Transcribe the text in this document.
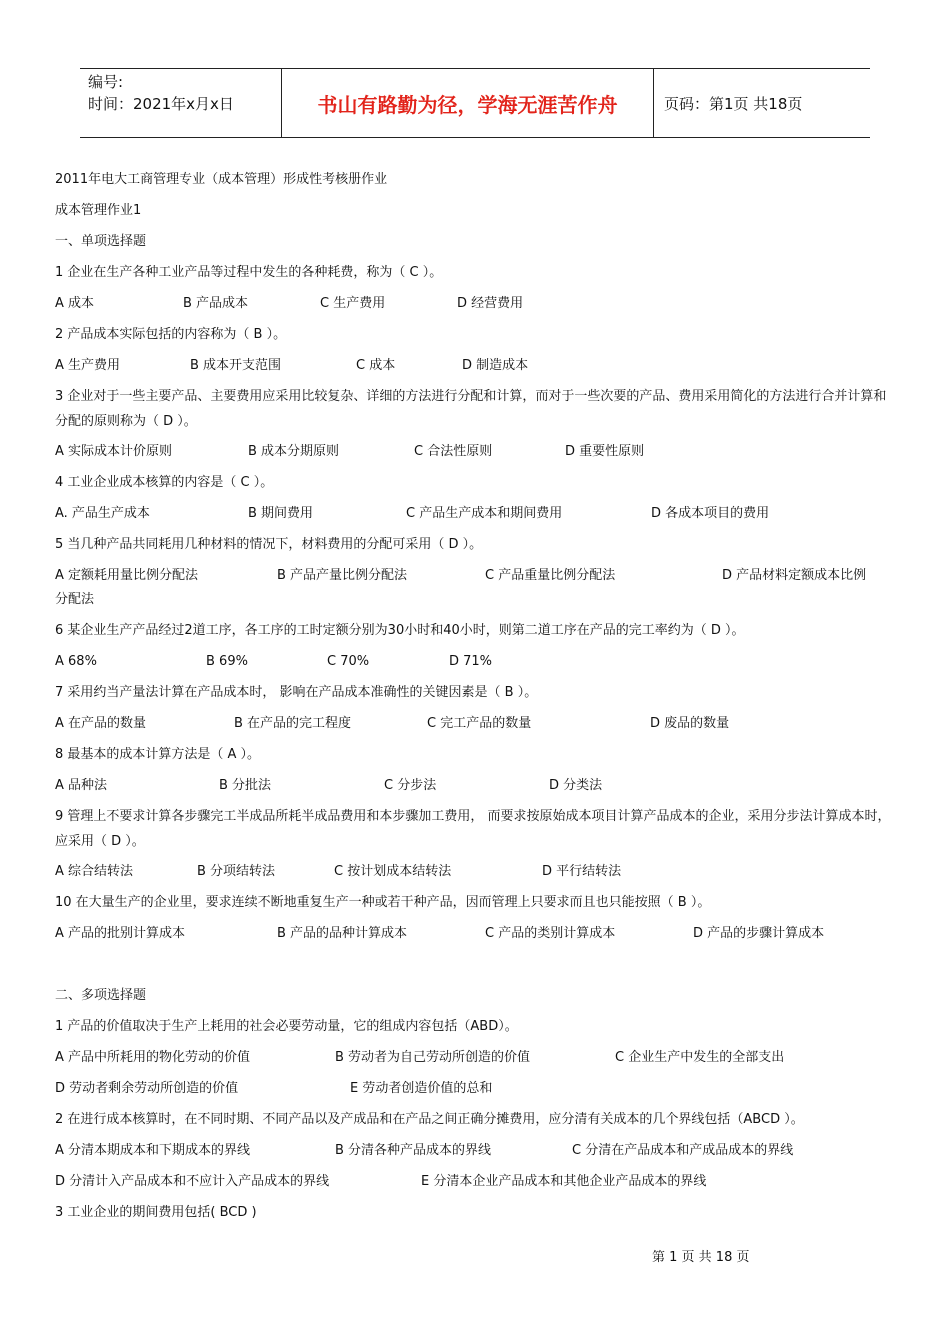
编号:
时间：2021年x月x日	书山有路勤为径，学海无涯苦作舟	页码：第1页 共18页
2011年电大工商管理专业（成本管理）形成性考核册作业
成本管理作业1
一、单项选择题
1 企业在生产各种工业产品等过程中发生的各种耗费，称为（ C ）。
A 成本	B 产品成本	C 生产费用	D 经营费用
2 产品成本实际包括的内容称为（ B ）。
A 生产费用	B 成本开支范围	C 成本	D 制造成本
3 企业对于一些主要产品、主要费用应采用比较复杂、详细的方法进行分配和计算，而对于一些次要的产品、费用采用简化的方法进行合并计算和分配的原则称为（ D ）。
A 实际成本计价原则	B 成本分期原则	C 合法性原则	D 重要性原则
4 工业企业成本核算的内容是（ C ）。
A. 产品生产成本	B 期间费用	C 产品生产成本和期间费用	D 各成本项目的费用
5 当几种产品共同耗用几种材料的情况下，材料费用的分配可采用（ D ）。
A 定额耗用量比例分配法	B 产品产量比例分配法	C 产品重量比例分配法	D 产品材料定额成本比例
分配法
6 某企业生产产品经过2道工序，各工序的工时定额分别为30小时和40小时，则第二道工序在产品的完工率约为（ D ）。
A 68%	B 69%	C 70%	D 71%
7 采用约当产量法计算在产品成本时， 影响在产品成本准确性的关键因素是（ B ）。
A 在产品的数量	B 在产品的完工程度	C 完工产品的数量	D 废品的数量
8 最基本的成本计算方法是（ A ）。
A 品种法	B 分批法	C 分步法	D 分类法
9 管理上不要求计算各步骤完工半成品所耗半成品费用和本步骤加工费用， 而要求按原始成本项目计算产品成本的企业，采用分步法计算成本时，应采用（ D ）。
A 综合结转法	B 分项结转法	C 按计划成本结转法	D 平行结转法
10 在大量生产的企业里，要求连续不断地重复生产一种或若干种产品，因而管理上只要求而且也只能按照（ B ）。
A 产品的批别计算成本	B 产品的品种计算成本	C 产品的类别计算成本	D 产品的步骤计算成本
二、多项选择题
1 产品的价值取决于生产上耗用的社会必要劳动量，它的组成内容包括（ABD）。
A 产品中所耗用的物化劳动的价值	B 劳动者为自己劳动所创造的价值	C 企业生产中发生的全部支出
D 劳动者剩余劳动所创造的价值	E 劳动者创造价值的总和
2 在进行成本核算时，在不同时期、不同产品以及产成品和在产品之间正确分摊费用，应分清有关成本的几个界线包括（ABCD ）。
A 分清本期成本和下期成本的界线	B 分清各种产品成本的界线	C 分清在产品成本和产成品成本的界线
D 分清计入产品成本和不应计入产品成本的界线	E 分清本企业产品成本和其他企业产品成本的界线
3 工业企业的期间费用包括( BCD )
第 1 页 共 18 页
